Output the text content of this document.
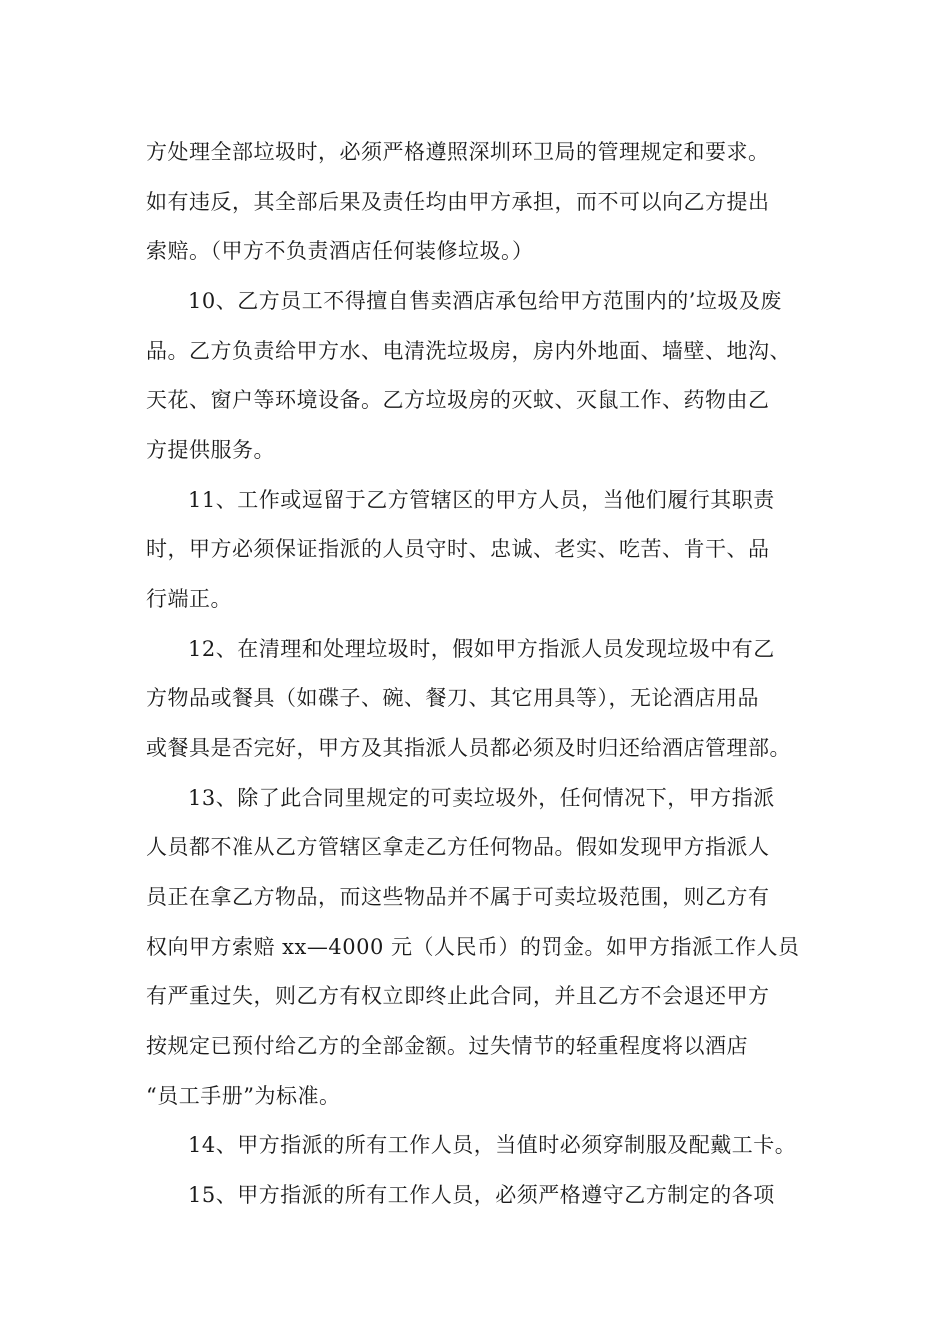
方处理全部垃圾时，必须严格遵照深圳环卫局的管理规定和要求。
如有违反，其全部后果及责任均由甲方承担，而不可以向乙方提出
索赔。（甲方不负责酒店任何装修垃圾。）
10、乙方员工不得擅自售卖酒店承包给甲方范围内的’垃圾及废
品。乙方负责给甲方水、电清洗垃圾房，房内外地面、墙壁、地沟、
天花、窗户等环境设备。乙方垃圾房的灭蚊、灭鼠工作、药物由乙
方提供服务。
11、工作或逗留于乙方管辖区的甲方人员，当他们履行其职责
时，甲方必须保证指派的人员守时、忠诚、老实、吃苦、肯干、品
行端正。
12、在清理和处理垃圾时，假如甲方指派人员发现垃圾中有乙
方物品或餐具（如碟子、碗、餐刀、其它用具等），无论酒店用品
或餐具是否完好，甲方及其指派人员都必须及时归还给酒店管理部。
13、除了此合同里规定的可卖垃圾外，任何情况下，甲方指派
人员都不准从乙方管辖区拿走乙方任何物品。假如发现甲方指派人
员正在拿乙方物品，而这些物品并不属于可卖垃圾范围，则乙方有
权向甲方索赔 xx—4000 元（人民币）的罚金。如甲方指派工作人员
有严重过失，则乙方有权立即终止此合同，并且乙方不会退还甲方
按规定已预付给乙方的全部金额。过失情节的轻重程度将以酒店
“员工手册”为标准。
14、甲方指派的所有工作人员，当值时必须穿制服及配戴工卡。
15、甲方指派的所有工作人员，必须严格遵守乙方制定的各项
